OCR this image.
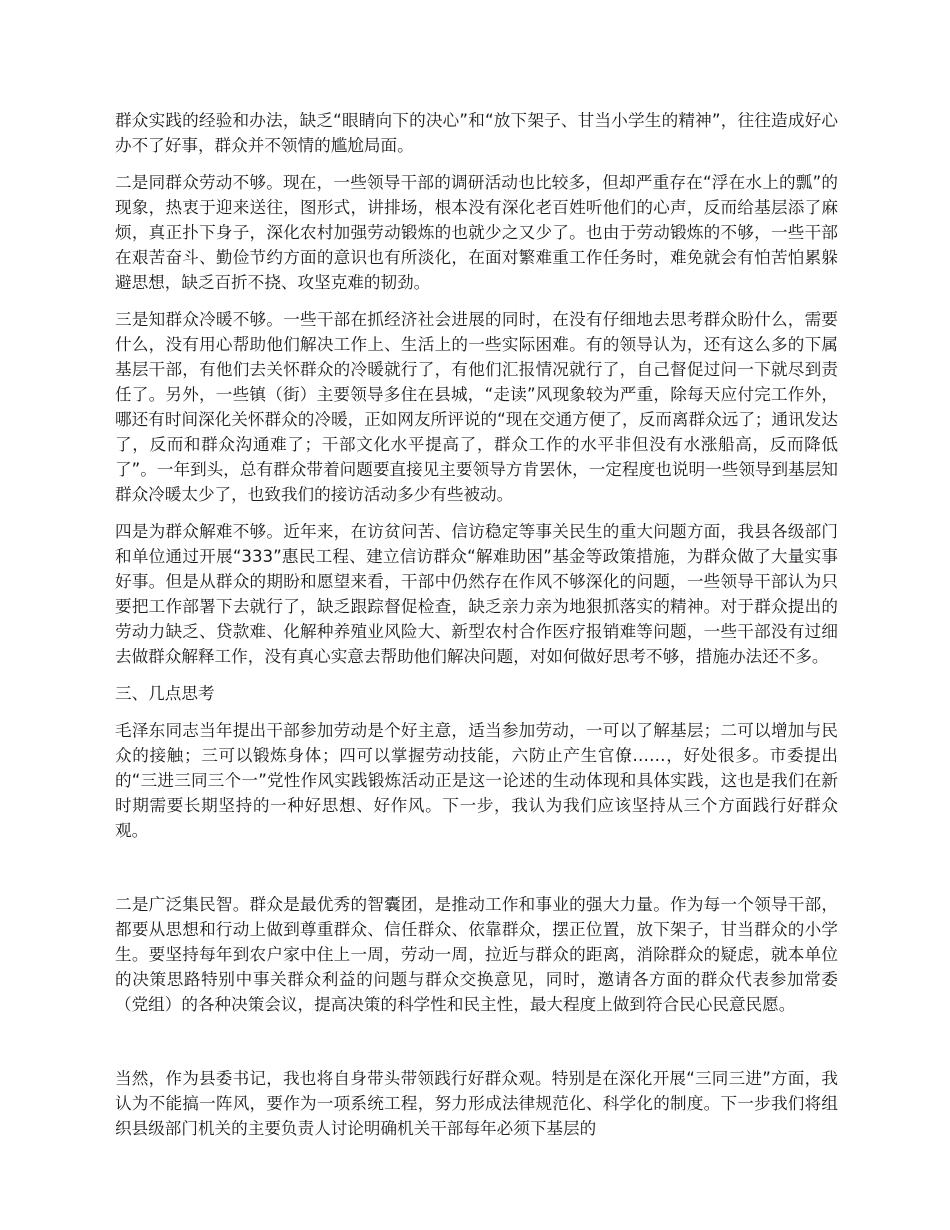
群众实践的经验和办法，缺乏“眼睛向下的决心”和“放下架子、甘当小学生的精神”，往往造成好心办不了好事，群众并不领情的尴尬局面。

二是同群众劳动不够。现在，一些领导干部的调研活动也比较多，但却严重存在“浮在水上的瓢”的现象，热衷于迎来送往，图形式，讲排场，根本没有深化老百姓听他们的心声，反而给基层添了麻烦，真正扑下身子，深化农村加强劳动锻炼的也就少之又少了。也由于劳动锻炼的不够，一些干部在艰苦奋斗、勤俭节约方面的意识也有所淡化，在面对繁难重工作任务时，难免就会有怕苦怕累躲避思想，缺乏百折不挠、攻坚克难的韧劲。

三是知群众冷暖不够。一些干部在抓经济社会进展的同时，在没有仔细地去思考群众盼什么，需要什么，没有用心帮助他们解决工作上、生活上的一些实际困难。有的领导认为，还有这么多的下属基层干部，有他们去关怀群众的冷暖就行了，有他们汇报情况就行了，自己督促过问一下就尽到责任了。另外，一些镇（街）主要领导多住在县城，“走读”风现象较为严重，除每天应付完工作外，哪还有时间深化关怀群众的冷暖，正如网友所评说的“现在交通方便了，反而离群众远了；通讯发达了，反而和群众沟通难了；干部文化水平提高了，群众工作的水平非但没有水涨船高，反而降低了”。一年到头，总有群众带着问题要直接见主要领导方肯罢休，一定程度也说明一些领导到基层知群众冷暖太少了，也致我们的接访活动多少有些被动。

四是为群众解难不够。近年来，在访贫问苦、信访稳定等事关民生的重大问题方面，我县各级部门和单位通过开展“333”惠民工程、建立信访群众“解难助困”基金等政策措施，为群众做了大量实事好事。但是从群众的期盼和愿望来看，干部中仍然存在作风不够深化的问题，一些领导干部认为只要把工作部署下去就行了，缺乏跟踪督促检查，缺乏亲力亲为地狠抓落实的精神。对于群众提出的劳动力缺乏、贷款难、化解种养殖业风险大、新型农村合作医疗报销难等问题，一些干部没有过细去做群众解释工作，没有真心实意去帮助他们解决问题，对如何做好思考不够，措施办法还不多。

三、几点思考

毛泽东同志当年提出干部参加劳动是个好主意，适当参加劳动，一可以了解基层；二可以增加与民众的接触；三可以锻炼身体；四可以掌握劳动技能，六防止产生官僚……，好处很多。市委提出的“三进三同三个一”党性作风实践锻炼活动正是这一论述的生动体现和具体实践，这也是我们在新时期需要长期坚持的一种好思想、好作风。下一步，我认为我们应该坚持从三个方面践行好群众观。

二是广泛集民智。群众是最优秀的智囊团，是推动工作和事业的强大力量。作为每一个领导干部，都要从思想和行动上做到尊重群众、信任群众、依靠群众，摆正位置，放下架子，甘当群众的小学生。要坚持每年到农户家中住上一周，劳动一周，拉近与群众的距离，消除群众的疑虑，就本单位的决策思路特别中事关群众利益的问题与群众交换意见，同时，邀请各方面的群众代表参加常委（党组）的各种决策会议，提高决策的科学性和民主性，最大程度上做到符合民心民意民愿。

当然，作为县委书记，我也将自身带头带领践行好群众观。特别是在深化开展“三同三进”方面，我认为不能搞一阵风，要作为一项系统工程，努力形成法律规范化、科学化的制度。下一步我们将组织县级部门机关的主要负责人讨论明确机关干部每年必须下基层的
